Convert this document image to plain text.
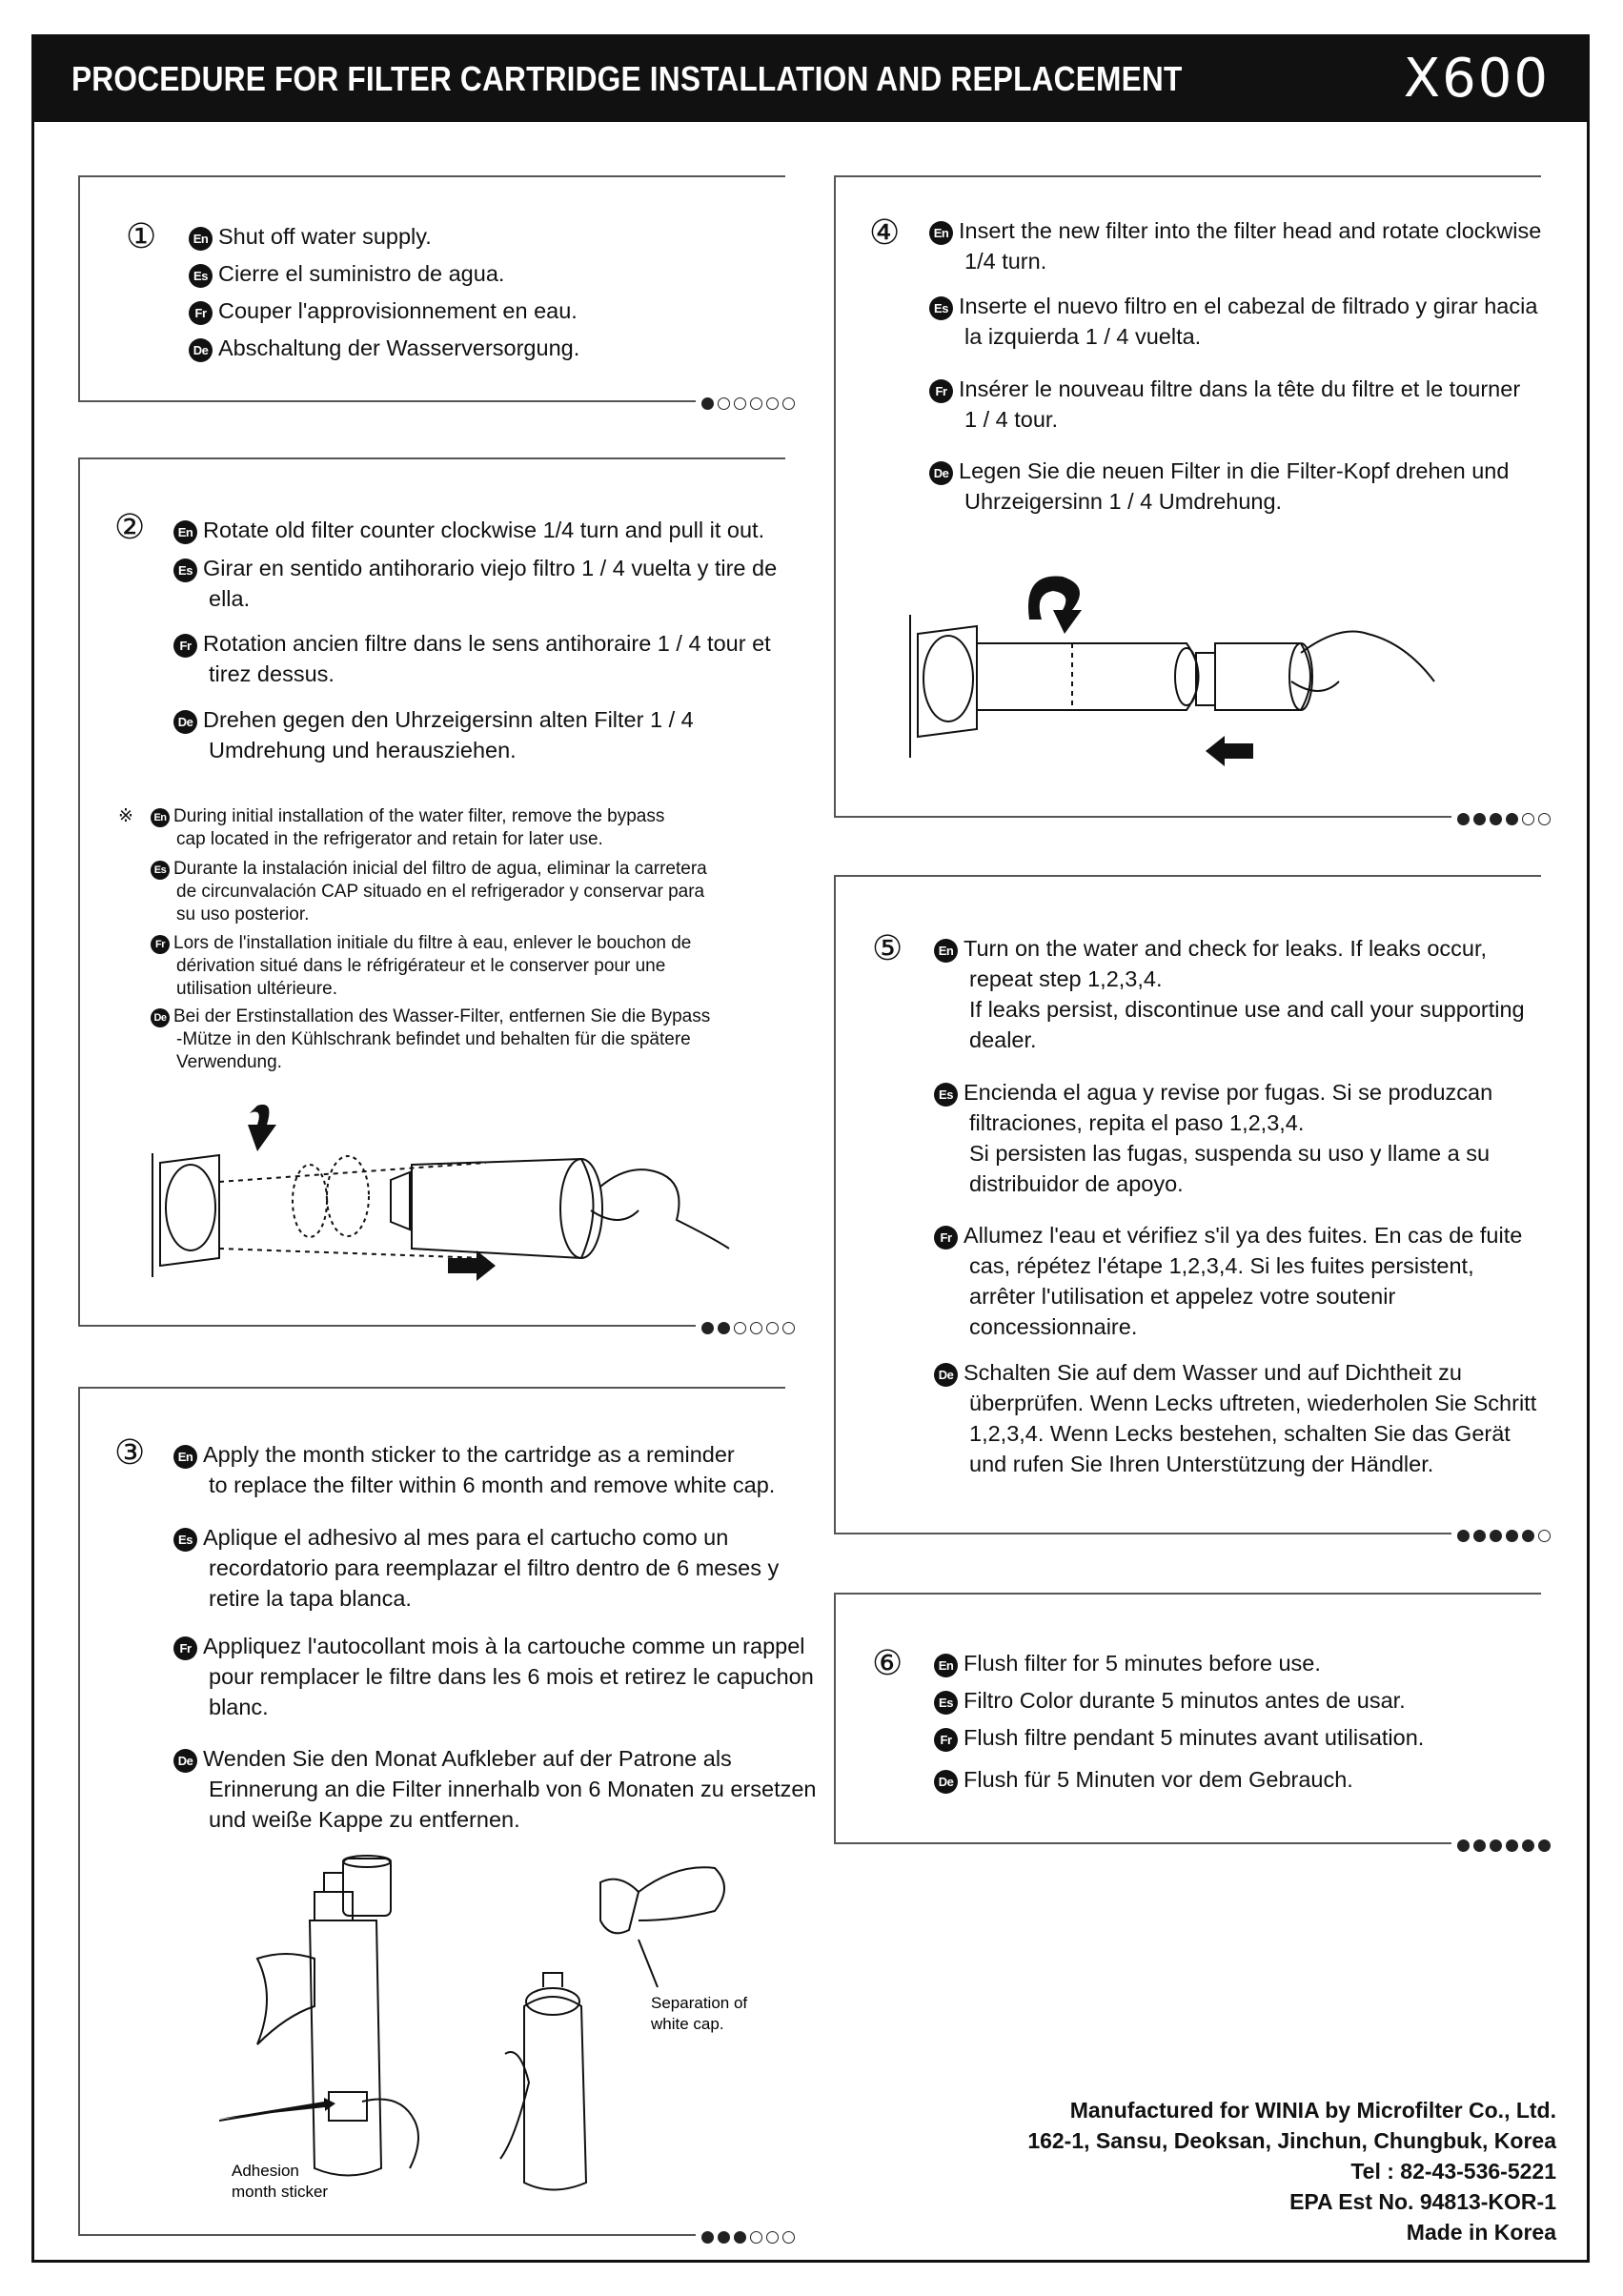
PROCEDURE FOR FILTER CARTRIDGE INSTALLATION AND REPLACEMENT	X600
①	En Shut off water supply.
Es Cierre el suministro de agua.
Fr Couper l'approvisionnement en eau.
De Abschaltung der Wasserversorgung.
②	En Rotate old filter counter clockwise 1/4 turn and pull it out.
Es Girar en sentido antihorario viejo filtro 1 / 4 vuelta y tire de
ella.
Fr Rotation ancien filtre dans le sens antihoraire 1 / 4 tour et
tirez dessus.
De Drehen gegen den Uhrzeigersinn alten Filter 1 / 4
Umdrehung und herausziehen.
※	En During initial installation of the water filter, remove the bypass
cap located in the refrigerator and retain for later use.
Es Durante la instalación inicial del filtro de agua, eliminar la carretera
de circunvalación CAP situado en el refrigerador y conservar para
su uso posterior.
Fr Lors de l'installation initiale du filtre à eau, enlever le bouchon de
dérivation situé dans le réfrigérateur et le conserver pour une
utilisation ultérieure.
De Bei der Erstinstallation des Wasser-Filter, entfernen Sie die Bypass
-Mütze in den Kühlschrank befindet und behalten für die spätere
Verwendung.
③	En Apply the month sticker to the cartridge as a reminder
to replace the filter within 6 month and remove white cap.
Es Aplique el adhesivo al mes para el cartucho como un
recordatorio para reemplazar el filtro dentro de 6 meses y
retire la tapa blanca.
Fr Appliquez l'autocollant mois à la cartouche comme un rappel
pour remplacer le filtre dans les 6 mois et retirez le capuchon
blanc.
De Wenden Sie den Monat Aufkleber auf der Patrone als
Erinnerung an die Filter innerhalb von 6 Monaten zu ersetzen
und weiße Kappe zu entfernen.
Separation of
white cap.
Adhesion
month sticker
④	En Insert the new filter into the filter head and rotate clockwise
1/4 turn.
Es Inserte el nuevo filtro en el cabezal de filtrado y girar hacia
la izquierda 1 / 4 vuelta.
Fr Insérer le nouveau filtre dans la tête du filtre et le tourner
1 / 4 tour.
De Legen Sie die neuen Filter in die Filter-Kopf drehen und
Uhrzeigersinn 1 / 4 Umdrehung.
⑤	En Turn on the water and check for leaks. If leaks occur,
repeat step 1,2,3,4.
If leaks persist, discontinue use and call your supporting
dealer.
Es Encienda el agua y revise por fugas. Si se produzcan
filtraciones, repita el paso 1,2,3,4.
Si persisten las fugas, suspenda su uso y llame a su
distribuidor de apoyo.
Fr Allumez l'eau et vérifiez s'il ya des fuites. En cas de fuite
cas, répétez l'étape 1,2,3,4. Si les fuites persistent,
arrêter l'utilisation et appelez votre soutenir
concessionnaire.
De Schalten Sie auf dem Wasser und auf Dichtheit zu
überprüfen. Wenn Lecks uftreten, wiederholen Sie Schritt
1,2,3,4. Wenn Lecks bestehen, schalten Sie das Gerät
und rufen Sie Ihren Unterstützung der Händler.
⑥	En Flush filter for 5 minutes before use.
Es Filtro Color durante 5 minutos antes de usar.
Fr Flush filtre pendant 5 minutes avant utilisation.
De Flush für 5 Minuten vor dem Gebrauch.
Manufactured for WINIA by Microfilter Co., Ltd.
162-1, Sansu, Deoksan, Jinchun, Chungbuk, Korea
Tel : 82-43-536-5221
EPA Est No. 94813-KOR-1
Made in Korea
